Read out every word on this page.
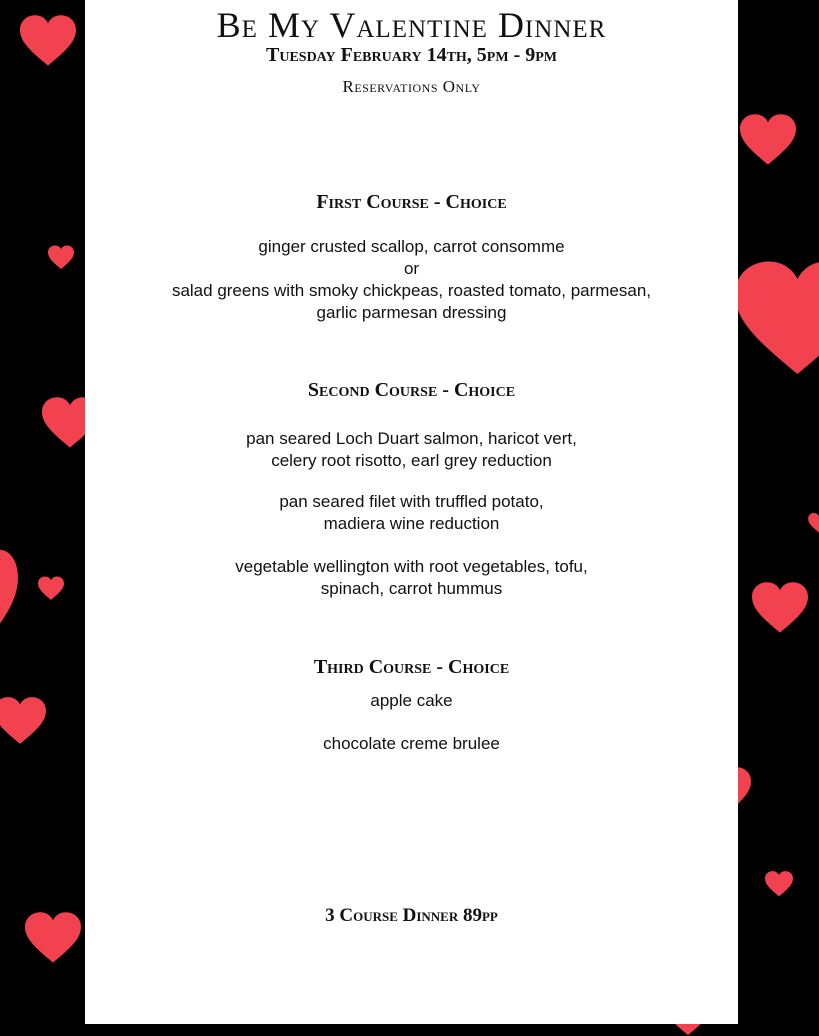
Be My Valentine Dinner
Tuesday February 14th, 5pm - 9pm
Reservations Only
First Course - Choice
ginger crusted scallop, carrot consomme
or
salad greens with smoky chickpeas, roasted tomato, parmesan,
garlic parmesan dressing
Second Course - Choice
pan seared Loch Duart salmon, haricot vert,
celery root risotto, earl grey reduction
pan seared filet with truffled potato,
madiera wine reduction
vegetable wellington with root vegetables, tofu,
spinach, carrot hummus
Third Course - Choice
apple cake
chocolate creme brulee
3 Course Dinner 89pp
